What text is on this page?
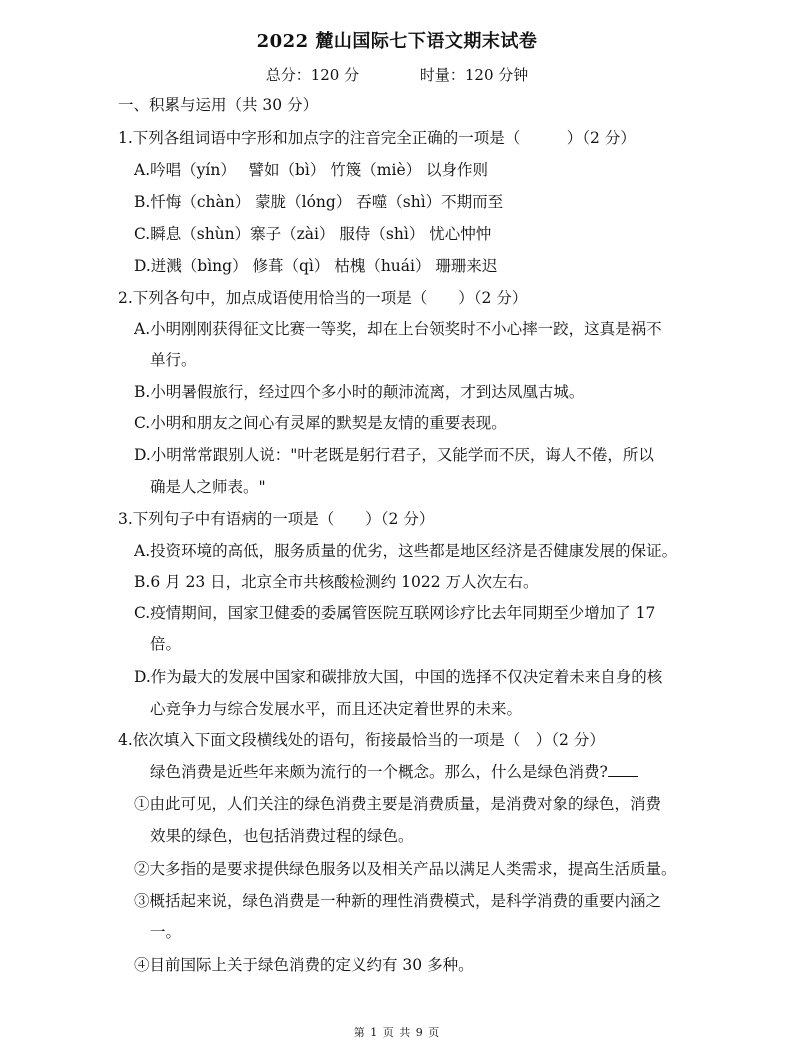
2022 麓山国际七下语文期末试卷
总分：120 分	时量：120 分钟
一、积累与运用（共 30 分）
1.下列各组词语中字形和加点字的注音完全正确的一项是（　　　）（2 分）
A.吟唱（yín）　 譬如（bì） 竹篾（miè） 以身作则
B.忏悔（chàn） 蒙胧（lóng） 吞噬（shì）不期而至
C.瞬息（shùn）寨子（zài） 服侍（shì） 忧心忡忡
D.迸溅（bìng） 修葺（qì） 枯槐（huái） 珊珊来迟
2.下列各句中，加点成语使用恰当的一项是（　　）（2 分）
A.小明刚刚获得征文比赛一等奖，却在上台领奖时不小心摔一跤，这真是祸不
单行。
B.小明暑假旅行，经过四个多小时的颠沛流离，才到达凤凰古城。
C.小明和朋友之间心有灵犀的默契是友情的重要表现。
D.小明常常跟别人说："叶老既是躬行君子，又能学而不厌，诲人不倦，所以
确是人之师表。"
3.下列句子中有语病的一项是（　　）（2 分）
A.投资环境的高低，服务质量的优劣，这些都是地区经济是否健康发展的保证。
B.6 月 23 日，北京全市共核酸检测约 1022 万人次左右。
C.疫情期间，国家卫健委的委属管医院互联网诊疗比去年同期至少增加了 17
倍。
D.作为最大的发展中国家和碳排放大国，中国的选择不仅决定着未来自身的核
心竞争力与综合发展水平，而且还决定着世界的未来。
4.依次填入下面文段横线处的语句，衔接最恰当的一项是（　）（2 分）
绿色消费是近些年来颇为流行的一个概念。那么，什么是绿色消费?
①由此可见，人们关注的绿色消费主要是消费质量，是消费对象的绿色，消费
效果的绿色，也包括消费过程的绿色。
②大多指的是要求提供绿色服务以及相关产品以满足人类需求，提高生活质量。
③概括起来说，绿色消费是一种新的理性消费模式，是科学消费的重要内涵之
一。
④目前国际上关于绿色消费的定义约有 30 多种。
第 1 页 共 9 页
